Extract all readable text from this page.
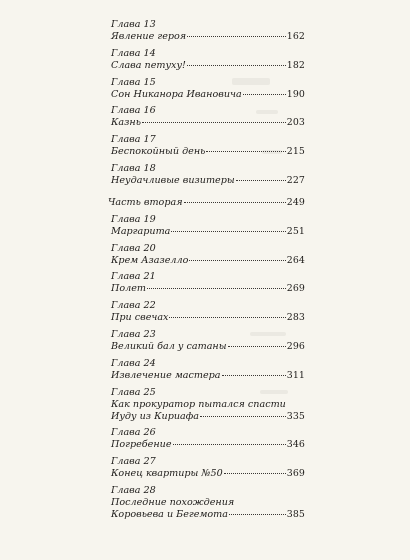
Глава 13
Явление героя	162
Глава 14
Слава петуху!	182
Глава 15
Сон Никанора Ивановича	190
Глава 16
Казнь	203
Глава 17
Беспокойный день	215
Глава 18
Неудачливые визитеры	227
Часть вторая	249
Глава 19
Маргарита	251
Глава 20
Крем Азазелло	264
Глава 21
Полет	269
Глава 22
При свечах	283
Глава 23
Великий бал у сатаны	296
Глава 24
Извлечение мастера	311
Глава 25
Как прокуратор пытался спасти
Иуду из Кириафа	335
Глава 26
Погребение	346
Глава 27
Конец квартиры №50	369
Глава 28
Последние похождения
Коровьева и Бегемота	385
